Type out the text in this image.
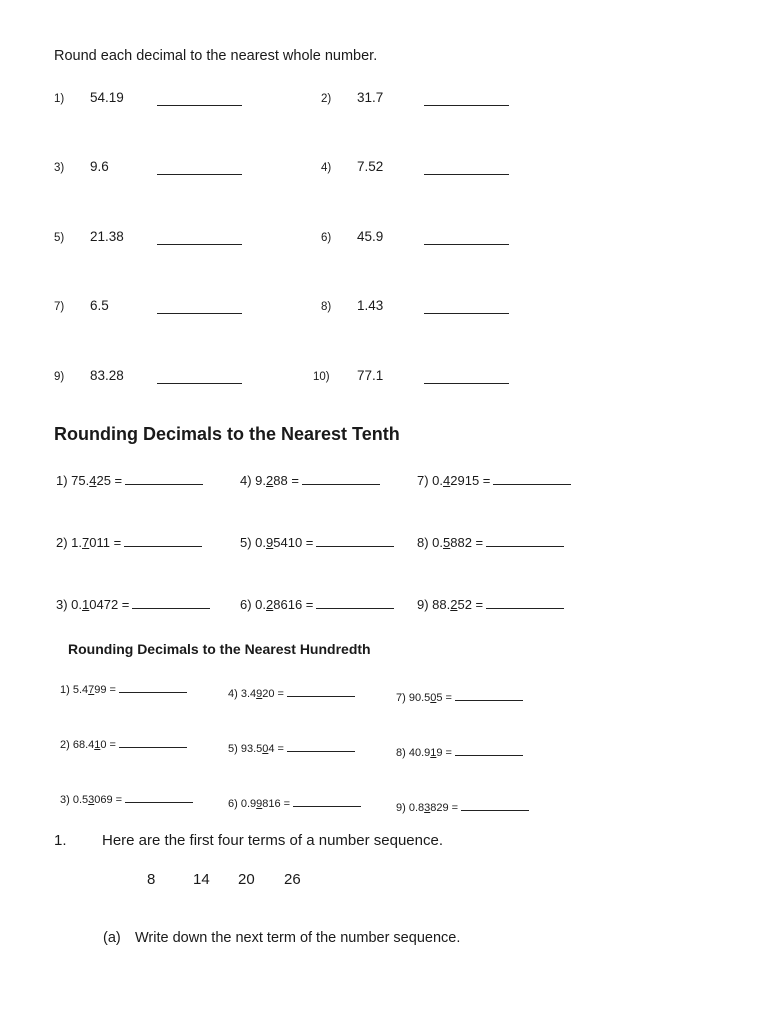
Round each decimal to the nearest whole number.
1) 54.19	2) 31.7
3) 9.6	4) 7.52
5) 21.38	6) 45.9
7) 6.5	8) 1.43
9) 83.28	10) 77.1
Rounding Decimals to the Nearest Tenth
1) 75.425 =	4) 9.288 =	7) 0.42915 =
2) 1.7011 =	5) 0.95410 =	8) 0.5882 =
3) 0.10472 =	6) 0.28616 =	9) 88.252 =
Rounding Decimals to the Nearest Hundredth
1) 5.4799 =	4) 3.4920 =	7) 90.505 =
2) 68.410 =	5) 93.504 =	8) 40.919 =
3) 0.53069 =	6) 0.99816 =	9) 0.83829 =
1. Here are the first four terms of a number sequence.
8	14 20 26
(a) Write down the next term of the number sequence.
